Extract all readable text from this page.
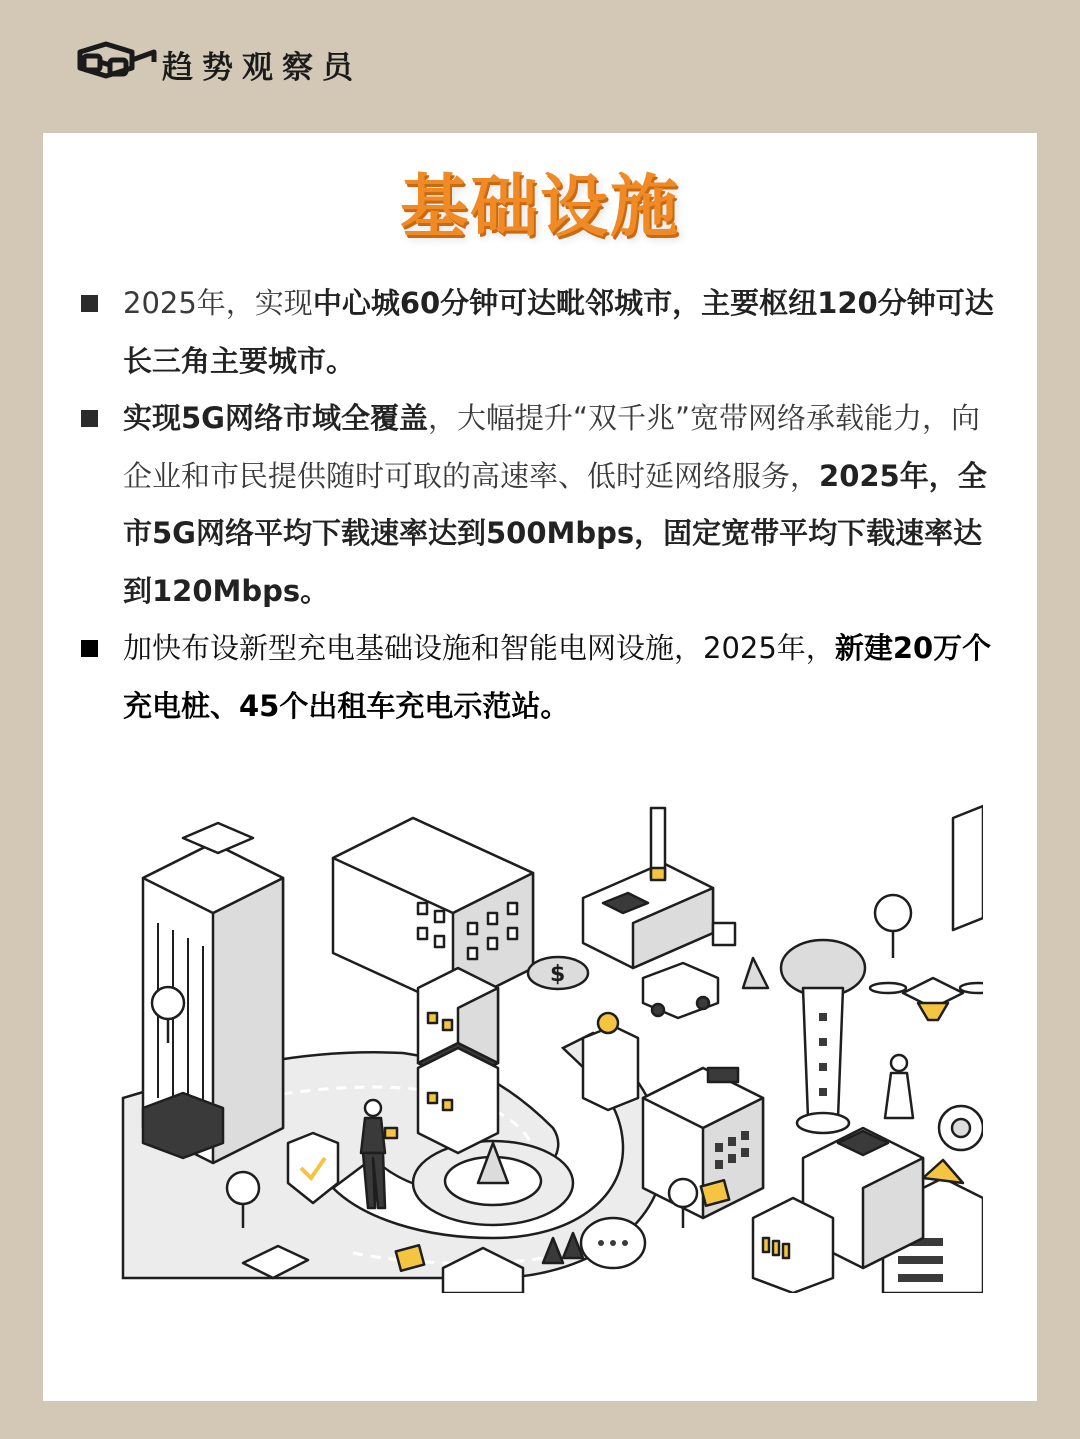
趋势观察员
基础设施
2025年，实现中心城60分钟可达毗邻城市，主要枢纽120分钟可达长三角主要城市。
实现5G网络市域全覆盖，大幅提升“双千兆”宽带网络承载能力，向企业和市民提供随时可取的高速率、低时延网络服务，2025年，全市5G网络平均下载速率达到500Mbps，固定宽带平均下载速率达到120Mbps。
加快布设新型充电基础设施和智能电网设施，2025年，新建20万个充电桩、45个出租车充电示范站。
$
